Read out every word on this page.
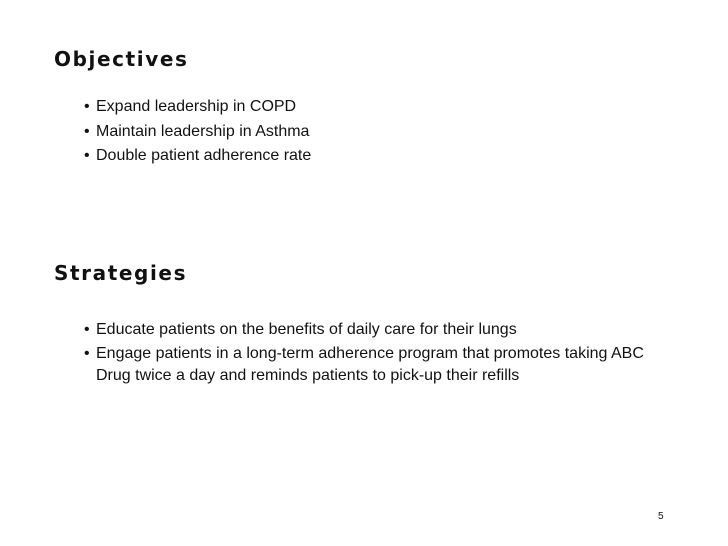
Objectives
• Expand leadership in COPD
• Maintain leadership in Asthma
• Double patient adherence rate
Strategies
• Educate patients on the benefits of daily care for their lungs
• Engage patients in a long-term adherence program that promotes taking ABC Drug twice a day and reminds patients to pick-up their refills
5
